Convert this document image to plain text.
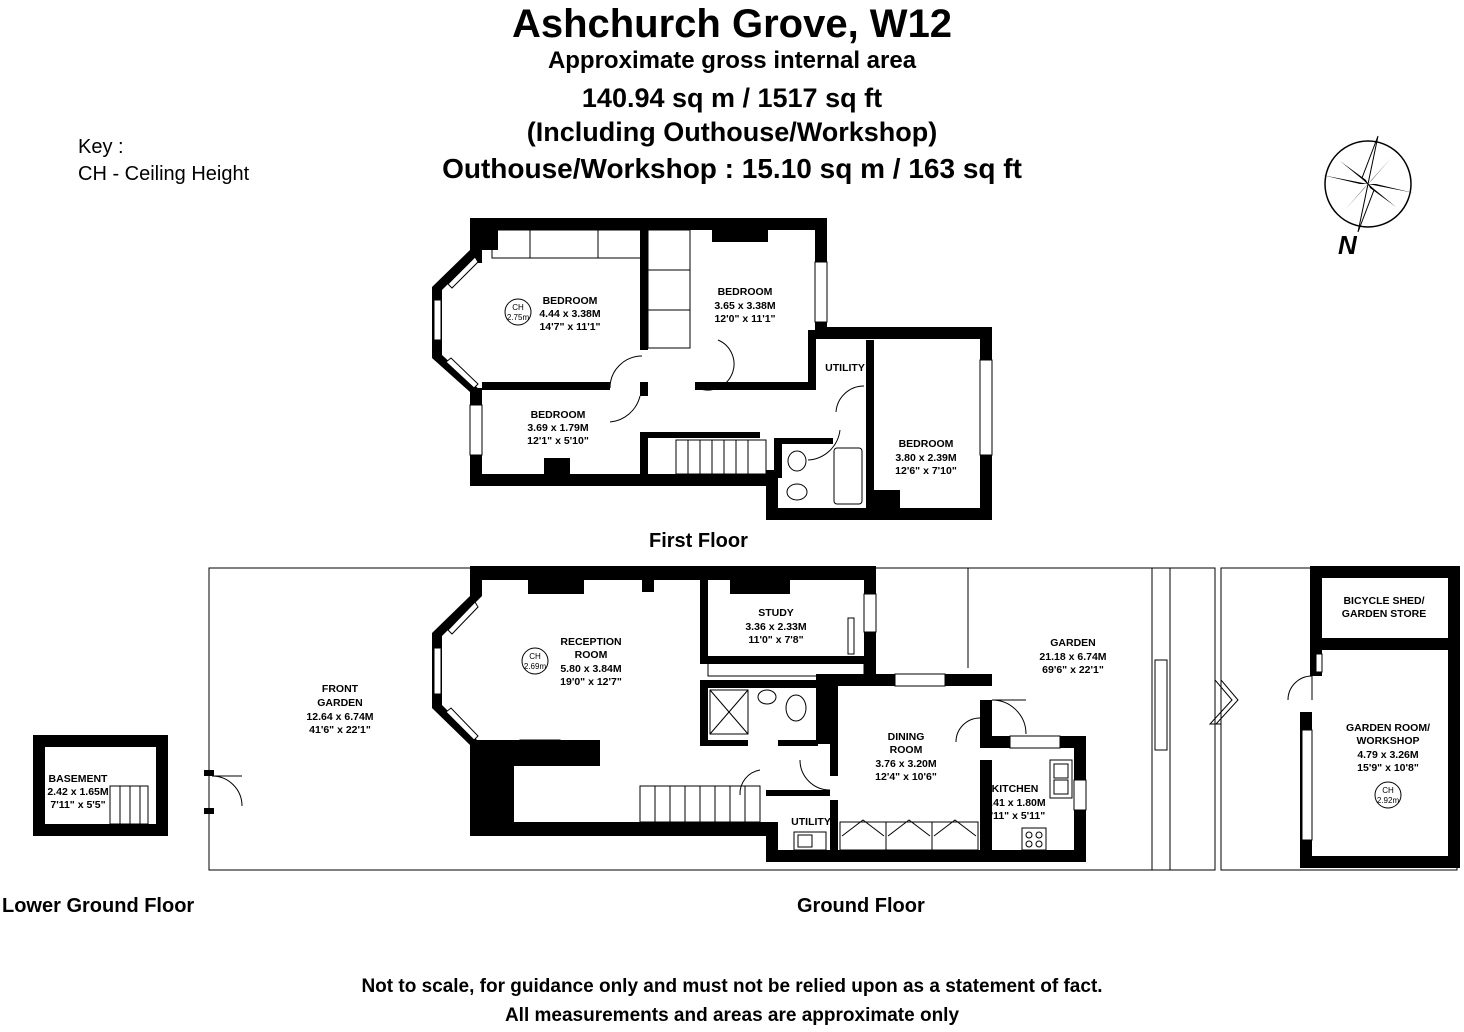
Ashchurch Grove, W12
Approximate gross internal area
140.94 sq m / 1517 sq ft
(Including Outhouse/Workshop)
Outhouse/Workshop : 15.10 sq m / 163 sq ft
Key :
CH - Ceiling Height
N
BEDROOM
4.44 x 3.38M
14'7" x 11'1"
CH
2.75m
BEDROOM
3.65 x 3.38M
12'0" x 11'1"
BEDROOM
3.69 x 1.79M
12'1" x 5'10"	BEDROOM
3.80 x 2.39M
12'6" x 7'10"
UTILITY
RECEPTION
ROOM
5.80 x 3.84M
19'0" x 12'7"
CH
2.69m
STUDY
3.36 x 2.33M
11'0" x 7'8"
FRONT
GARDEN
12.64 x 6.74M
41'6" x 22'1"
GARDEN
21.18 x 6.74M
69'6" x 22'1"
DINING
ROOM
3.76 x 3.20M
12'4" x 10'6"
KITCHEN
2.41 x 1.80M
7'11" x 5'11"
UTILITY
BICYCLE SHED/
GARDEN STORE
GARDEN ROOM/
WORKSHOP
4.79 x 3.26M
15'9" x 10'8"
CH
2.92m
BASEMENT
2.42 x 1.65M
7'11" x 5'5"
First Floor
Ground Floor
Lower Ground Floor
Not to scale, for guidance only and must not be relied upon as a statement of fact.
All measurements and areas are approximate only
